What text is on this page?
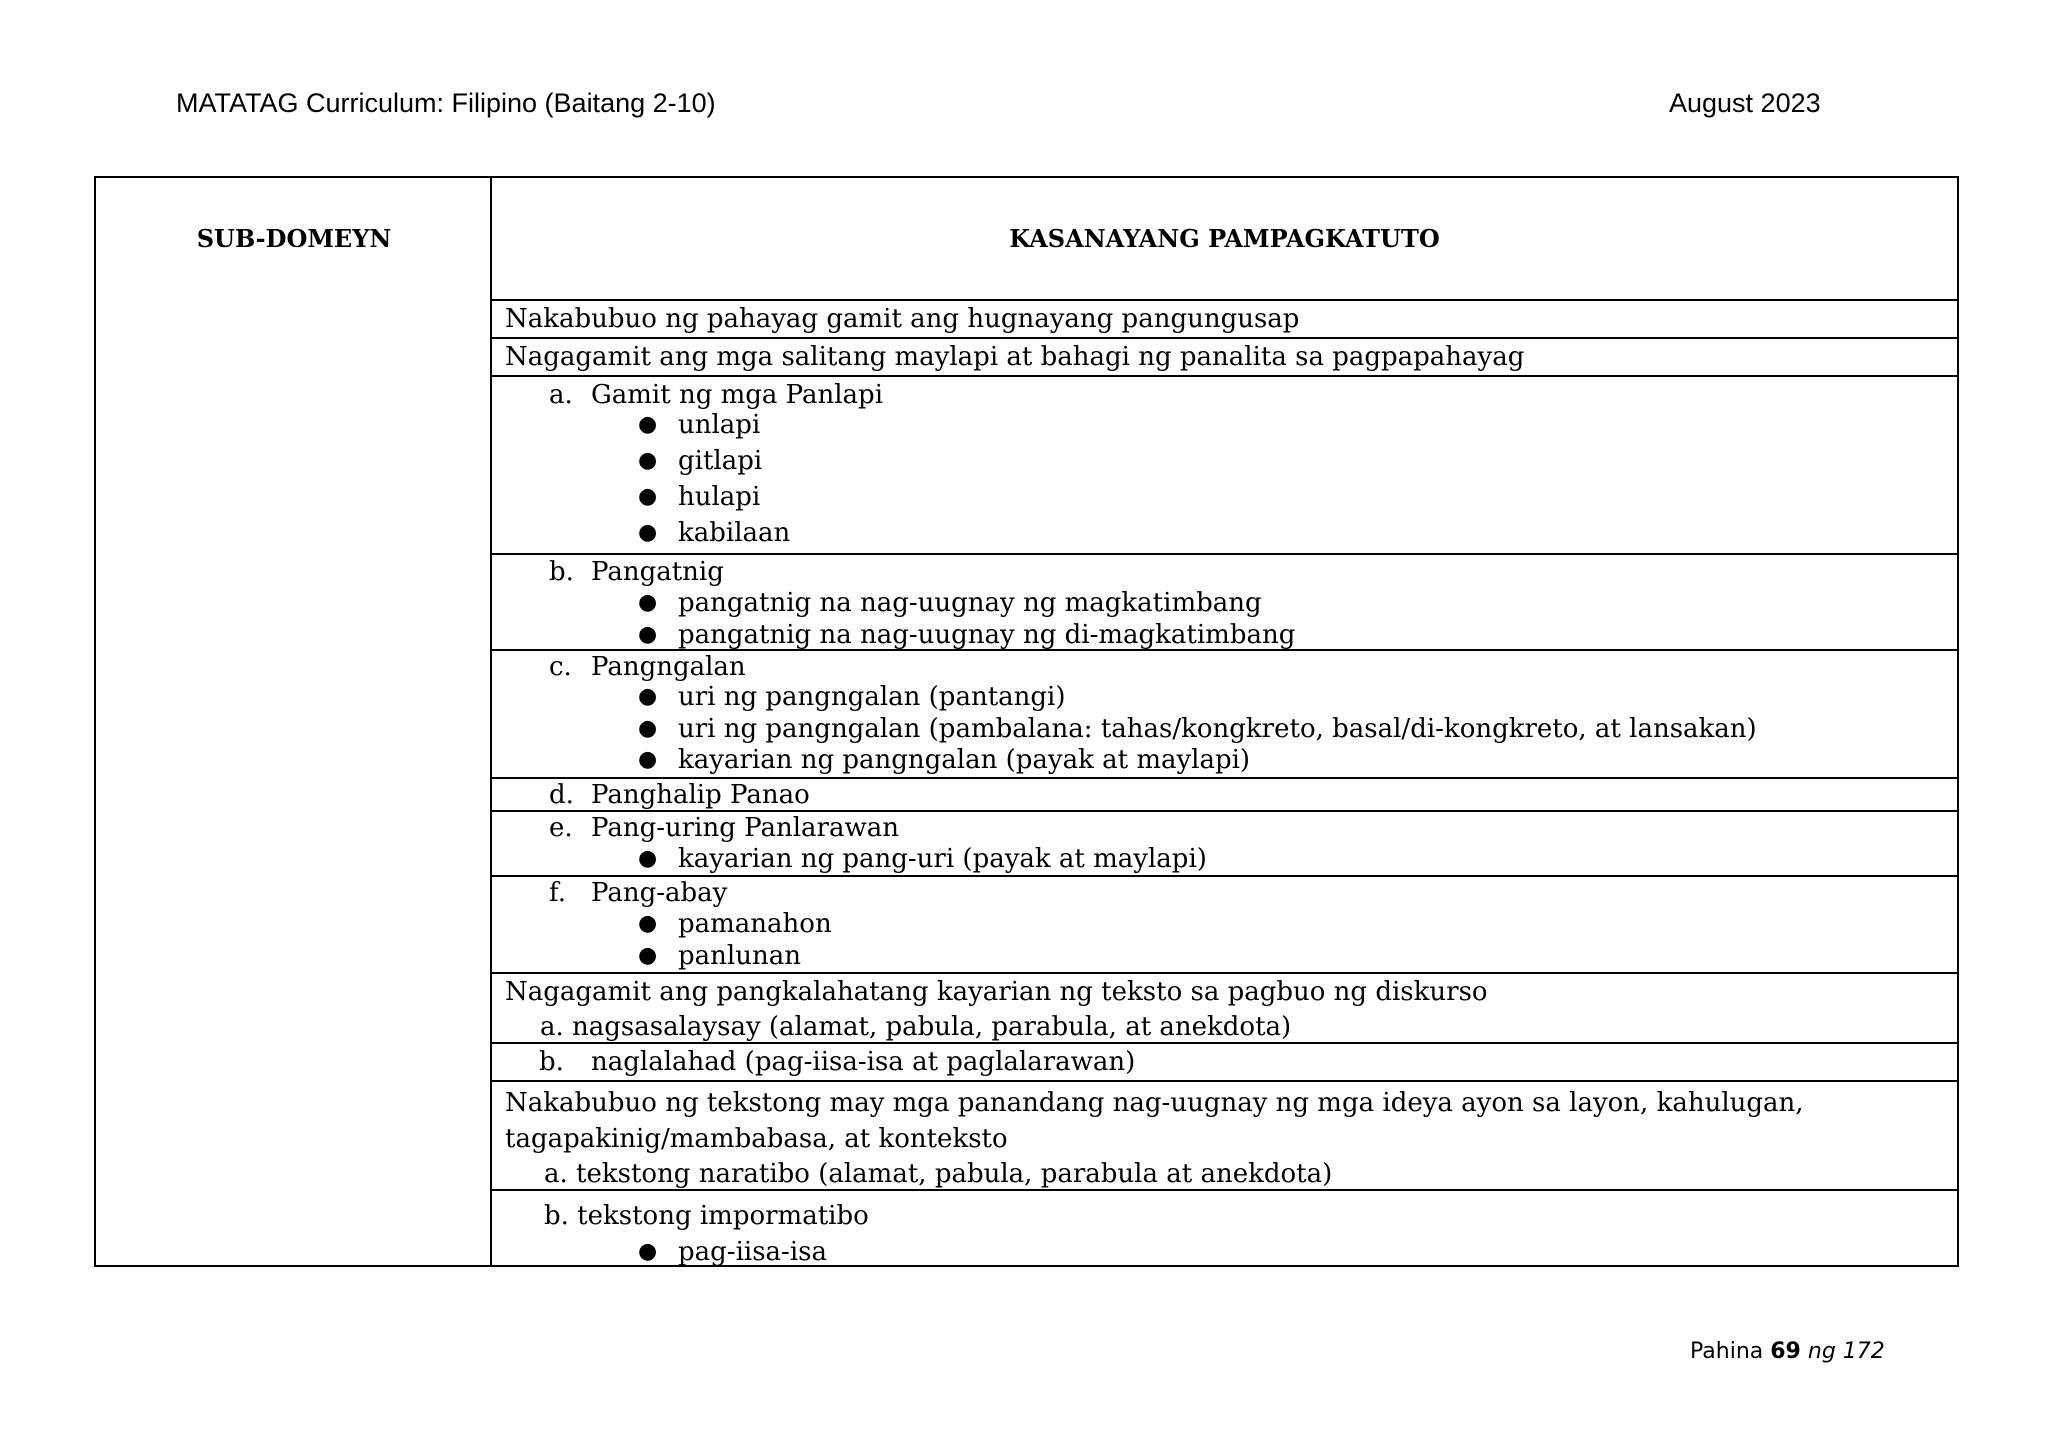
MATATAG Curriculum: Filipino (Baitang 2-10)	August 2023
SUB-DOMEYN	KASANAYANG PAMPAGKATUTO
Nakabubuo ng pahayag gamit ang hugnayang pangungusap
Nagagamit ang mga salitang maylapi at bahagi ng panalita sa pagpapahayag
a. Gamit ng mga Panlapi
● unlapi
● gitlapi
● hulapi
● kabilaan
b. Pangatnig
● pangatnig na nag-uugnay ng magkatimbang
● pangatnig na nag-uugnay ng di-magkatimbang
c. Pangngalan
● uri ng pangngalan (pantangi)
● uri ng pangngalan (pambalana: tahas/kongkreto, basal/di-kongkreto, at lansakan)
● kayarian ng pangngalan (payak at maylapi)
d. Panghalip Panao
e. Pang-uring Panlarawan
● kayarian ng pang-uri (payak at maylapi)
f. Pang-abay
● pamanahon
● panlunan
Nagagamit ang pangkalahatang kayarian ng teksto sa pagbuo ng diskurso
a. nagsasalaysay (alamat, pabula, parabula, at anekdota)
b. naglalahad (pag-iisa-isa at paglalarawan)
Nakabubuo ng tekstong may mga panandang nag-uugnay ng mga ideya ayon sa layon, kahulugan,
tagapakinig/mambabasa, at konteksto
a. tekstong naratibo (alamat, pabula, parabula at anekdota)
b. tekstong impormatibo
● pag-iisa-isa
Pahina 69 ng 172
